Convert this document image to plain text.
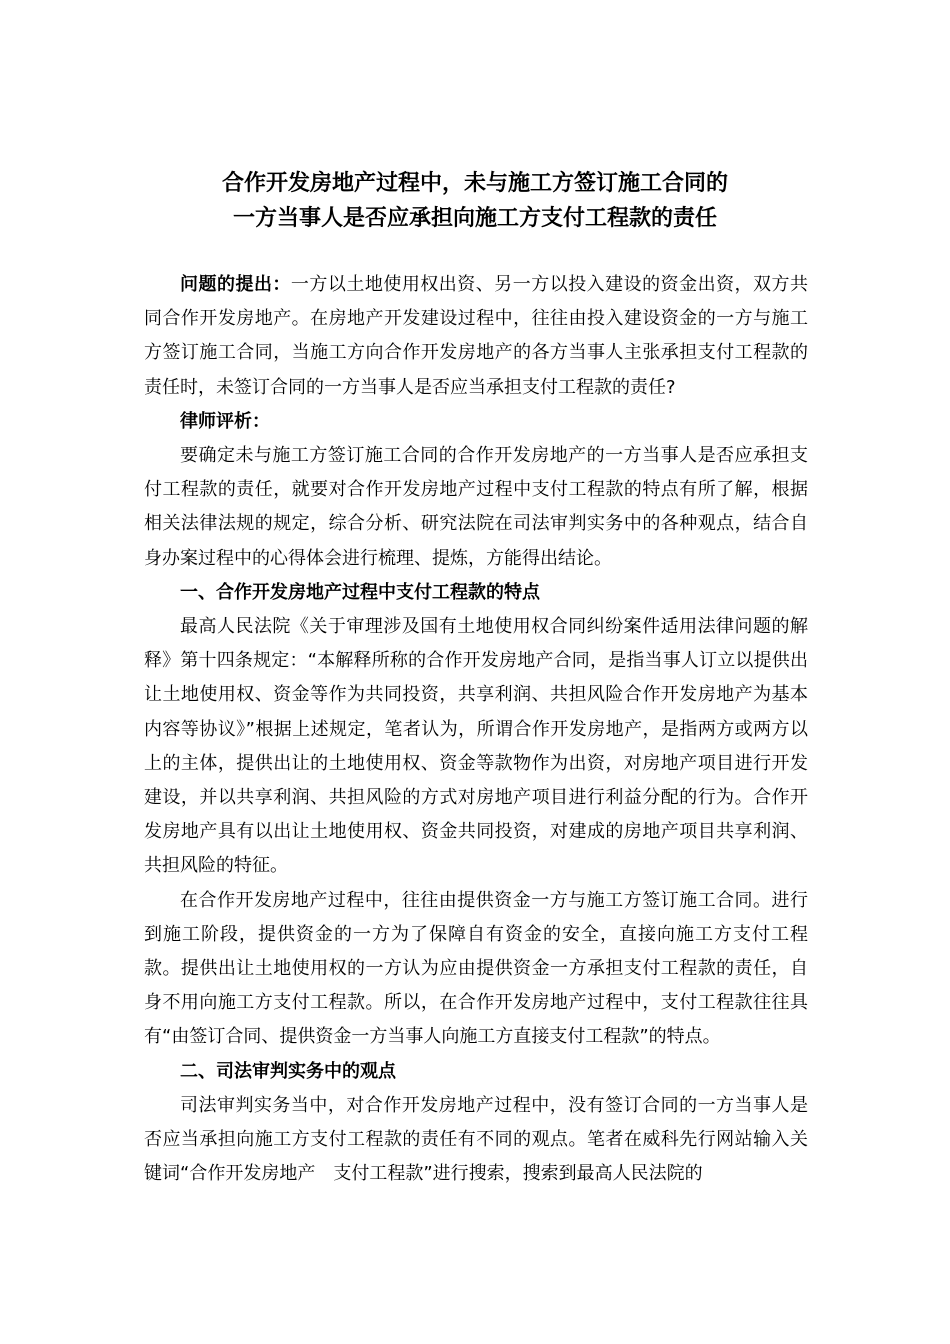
合作开发房地产过程中，未与施工方签订施工合同的
一方当事人是否应承担向施工方支付工程款的责任

问题的提出：一方以土地使用权出资、另一方以投入建设的资金出资，双方共同合作开发房地产。在房地产开发建设过程中，往往由投入建设资金的一方与施工方签订施工合同，当施工方向合作开发房地产的各方当事人主张承担支付工程款的责任时，未签订合同的一方当事人是否应当承担支付工程款的责任?

律师评析：

要确定未与施工方签订施工合同的合作开发房地产的一方当事人是否应承担支付工程款的责任，就要对合作开发房地产过程中支付工程款的特点有所了解，根据相关法律法规的规定，综合分析、研究法院在司法审判实务中的各种观点，结合自身办案过程中的心得体会进行梳理、提炼，方能得出结论。

一、合作开发房地产过程中支付工程款的特点

最高人民法院《关于审理涉及国有土地使用权合同纠纷案件适用法律问题的解释》第十四条规定：“本解释所称的合作开发房地产合同，是指当事人订立以提供出让土地使用权、资金等作为共同投资，共享利润、共担风险合作开发房地产为基本内容等协议》”根据上述规定，笔者认为，所谓合作开发房地产，是指两方或两方以上的主体，提供出让的土地使用权、资金等款物作为出资，对房地产项目进行开发建设，并以共享利润、共担风险的方式对房地产项目进行利益分配的行为。合作开发房地产具有以出让土地使用权、资金共同投资，对建成的房地产项目共享利润、共担风险的特征。

在合作开发房地产过程中，往往由提供资金一方与施工方签订施工合同。进行到施工阶段，提供资金的一方为了保障自有资金的安全，直接向施工方支付工程款。提供出让土地使用权的一方认为应由提供资金一方承担支付工程款的责任，自身不用向施工方支付工程款。所以，在合作开发房地产过程中，支付工程款往往具有“由签订合同、提供资金一方当事人向施工方直接支付工程款”的特点。

二、司法审判实务中的观点

司法审判实务当中，对合作开发房地产过程中，没有签订合同的一方当事人是否应当承担向施工方支付工程款的责任有不同的观点。笔者在威科先行网站输入关键词“合作开发房地产　支付工程款”进行搜索，搜索到最高人民法院的
